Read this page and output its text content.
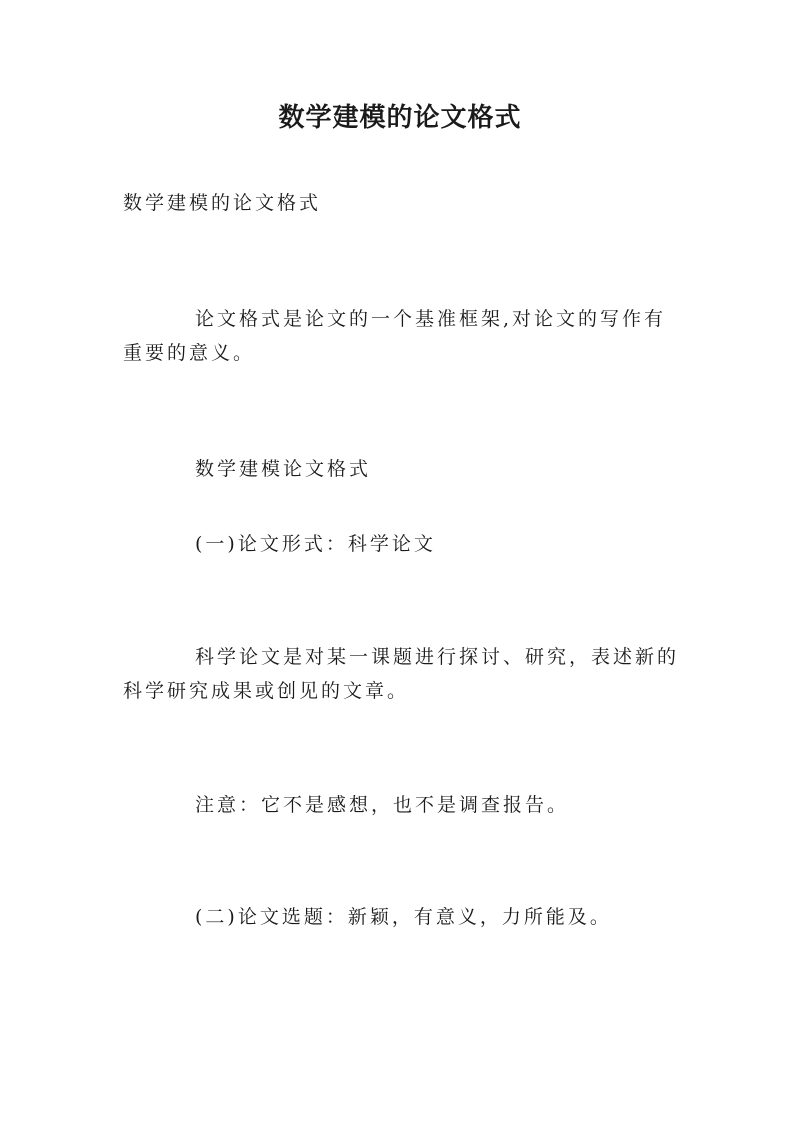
数学建模的论文格式

数学建模的论文格式

论文格式是论文的一个基准框架,对论文的写作有重要的意义。

数学建模论文格式

(一)论文形式：科学论文

科学论文是对某一课题进行探讨、研究，表述新的科学研究成果或创见的文章。

注意：它不是感想，也不是调查报告。

(二)论文选题：新颖，有意义，力所能及。
